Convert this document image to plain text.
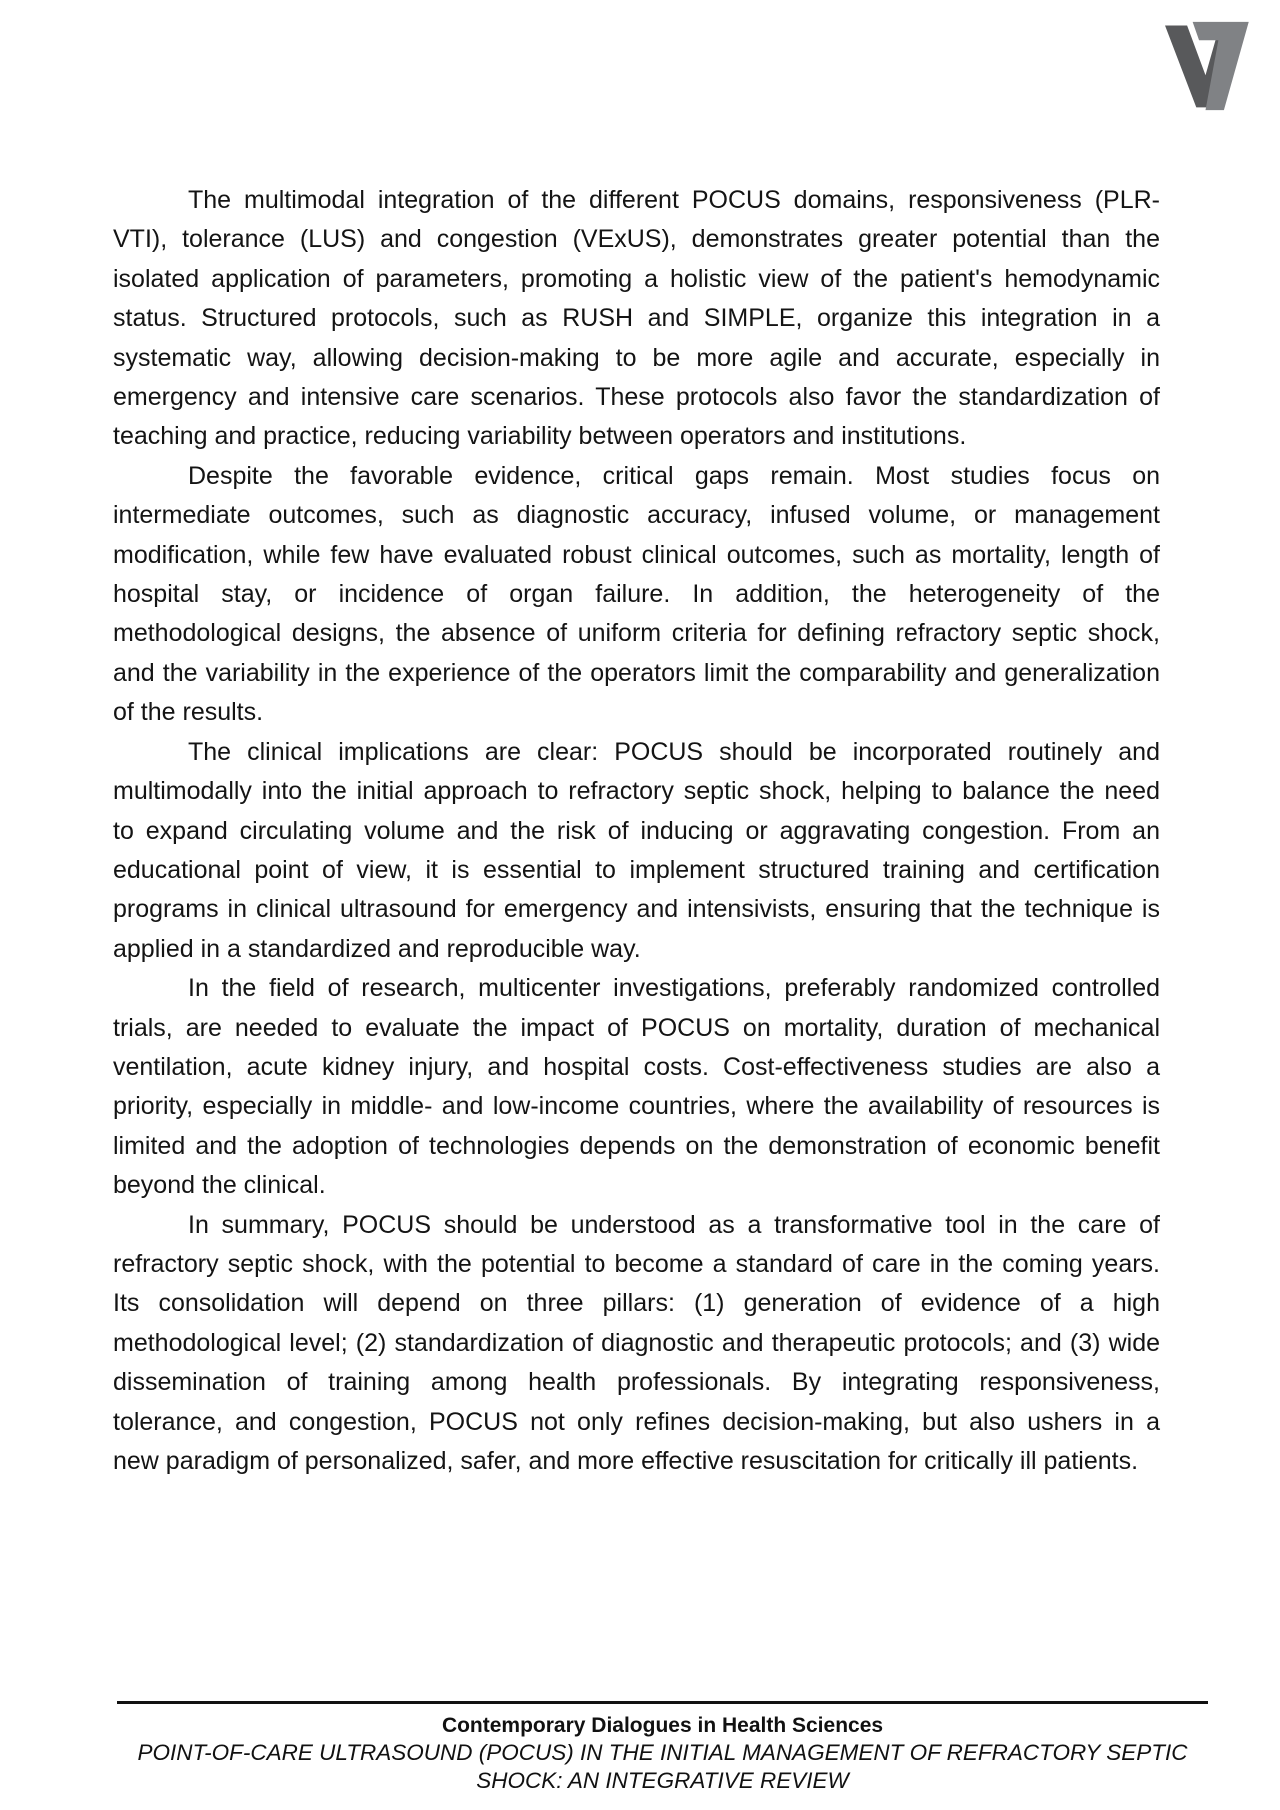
The multimodal integration of the different POCUS domains, responsiveness (PLR-
VTI), tolerance (LUS) and congestion (VExUS), demonstrates greater potential than the
isolated application of parameters, promoting a holistic view of the patient's hemodynamic
status. Structured protocols, such as RUSH and SIMPLE, organize this integration in a
systematic way, allowing decision-making to be more agile and accurate, especially in
emergency and intensive care scenarios. These protocols also favor the standardization of
teaching and practice, reducing variability between operators and institutions.
Despite the favorable evidence, critical gaps remain. Most studies focus on
intermediate outcomes, such as diagnostic accuracy, infused volume, or management
modification, while few have evaluated robust clinical outcomes, such as mortality, length of
hospital stay, or incidence of organ failure. In addition, the heterogeneity of the
methodological designs, the absence of uniform criteria for defining refractory septic shock,
and the variability in the experience of the operators limit the comparability and generalization
of the results.
The clinical implications are clear: POCUS should be incorporated routinely and
multimodally into the initial approach to refractory septic shock, helping to balance the need
to expand circulating volume and the risk of inducing or aggravating congestion. From an
educational point of view, it is essential to implement structured training and certification
programs in clinical ultrasound for emergency and intensivists, ensuring that the technique is
applied in a standardized and reproducible way.
In the field of research, multicenter investigations, preferably randomized controlled
trials, are needed to evaluate the impact of POCUS on mortality, duration of mechanical
ventilation, acute kidney injury, and hospital costs. Cost-effectiveness studies are also a
priority, especially in middle- and low-income countries, where the availability of resources is
limited and the adoption of technologies depends on the demonstration of economic benefit
beyond the clinical.
In summary, POCUS should be understood as a transformative tool in the care of
refractory septic shock, with the potential to become a standard of care in the coming years.
Its consolidation will depend on three pillars: (1) generation of evidence of a high
methodological level; (2) standardization of diagnostic and therapeutic protocols; and (3) wide
dissemination of training among health professionals. By integrating responsiveness,
tolerance, and congestion, POCUS not only refines decision-making, but also ushers in a
new paradigm of personalized, safer, and more effective resuscitation for critically ill patients.
Contemporary Dialogues in Health Sciences
POINT-OF-CARE ULTRASOUND (POCUS) IN THE INITIAL MANAGEMENT OF REFRACTORY SEPTIC
SHOCK: AN INTEGRATIVE REVIEW
